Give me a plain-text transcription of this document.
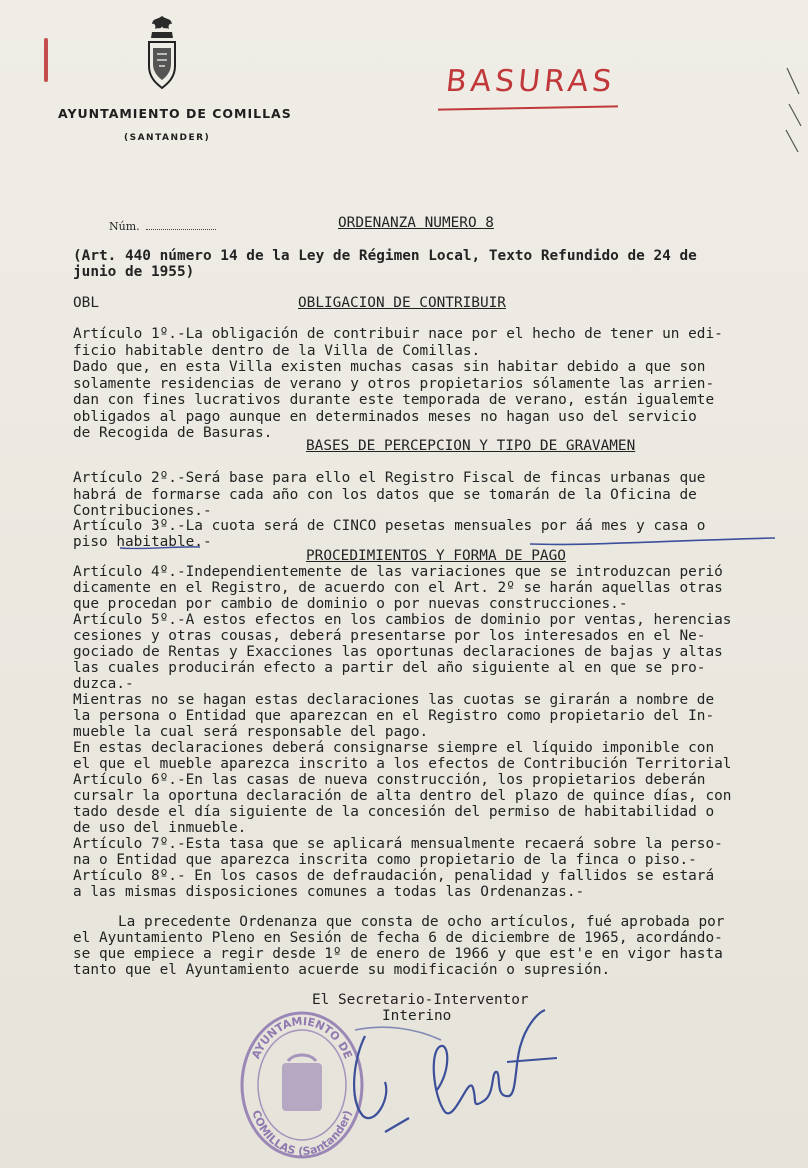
AYUNTAMIENTO DE COMILLAS
(SANTANDER)
BASURAS
Núm.	ORDENANZA NUMERO 8
(Art. 440 número 14 de la Ley de Régimen Local, Texto Refundido de 24 de
junio de 1955)
OBL	OBLIGACION DE CONTRIBUIR
Artículo 1º.-La obligación de contribuir nace por el hecho de tener un edi-
ficio habitable dentro de la Villa de Comillas.
Dado que, en esta Villa existen muchas casas sin habitar debido a que son
solamente residencias de verano y otros propietarios sólamente las arrien-
dan con fines lucrativos durante este temporada de verano, están igualemte
obligados al pago aunque en determinados meses no hagan uso del servicio
de Recogida de Basuras.
BASES DE PERCEPCION Y TIPO DE GRAVAMEN
Artículo 2º.-Será base para ello el Registro Fiscal de fincas urbanas que
habrá de formarse cada año con los datos que se tomarán de la Oficina de
Contribuciones.-
Artículo 3º.-La cuota será de CINCO pesetas mensuales por áá mes y casa o
piso habitable.-
PROCEDIMIENTOS Y FORMA DE PAGO
Artículo 4º.-Independientemente de las variaciones que se introduzcan perió
dicamente en el Registro, de acuerdo con el Art. 2º se harán aquellas otras
que procedan por cambio de dominio o por nuevas construcciones.-
Artículo 5º.-A estos efectos en los cambios de dominio por ventas, herencias
cesiones y otras cousas, deberá presentarse por los interesados en el Ne-
gociado de Rentas y Exacciones las oportunas declaraciones de bajas y altas
las cuales producirán efecto a partir del año siguiente al en que se pro-
duzca.-
Mientras no se hagan estas declaraciones las cuotas se girarán a nombre de
la persona o Entidad que aparezcan en el Registro como propietario del In-
mueble la cual será responsable del pago.
En estas declaraciones deberá consignarse siempre el líquido imponible con
el que el mueble aparezca inscrito a los efectos de Contribución Territorial
Artículo 6º.-En las casas de nueva construcción, los propietarios deberán
cursalr la oportuna declaración de alta dentro del plazo de quince días, con
tado desde el día siguiente de la concesión del permiso de habitabilidad o
de uso del inmueble.
Artículo 7º.-Esta tasa que se aplicará mensualmente recaerá sobre la perso-
na o Entidad que aparezca inscrita como propietario de la finca o piso.-
Artículo 8º.- En los casos de defraudación, penalidad y fallidos se estará
a las mismas disposiciones comunes a todas las Ordenanzas.-
La precedente Ordenanza que consta de ocho artículos, fué aprobada por
el Ayuntamiento Pleno en Sesión de fecha 6 de diciembre de 1965, acordándo-
se que empiece a regir desde 1º de enero de 1966 y que est'e en vigor hasta
tanto que el Ayuntamiento acuerde su modificación o supresión.
El Secretario-Interventor
Interino
AYUNTAMIENTO DE
COMILLAS (Santander)
